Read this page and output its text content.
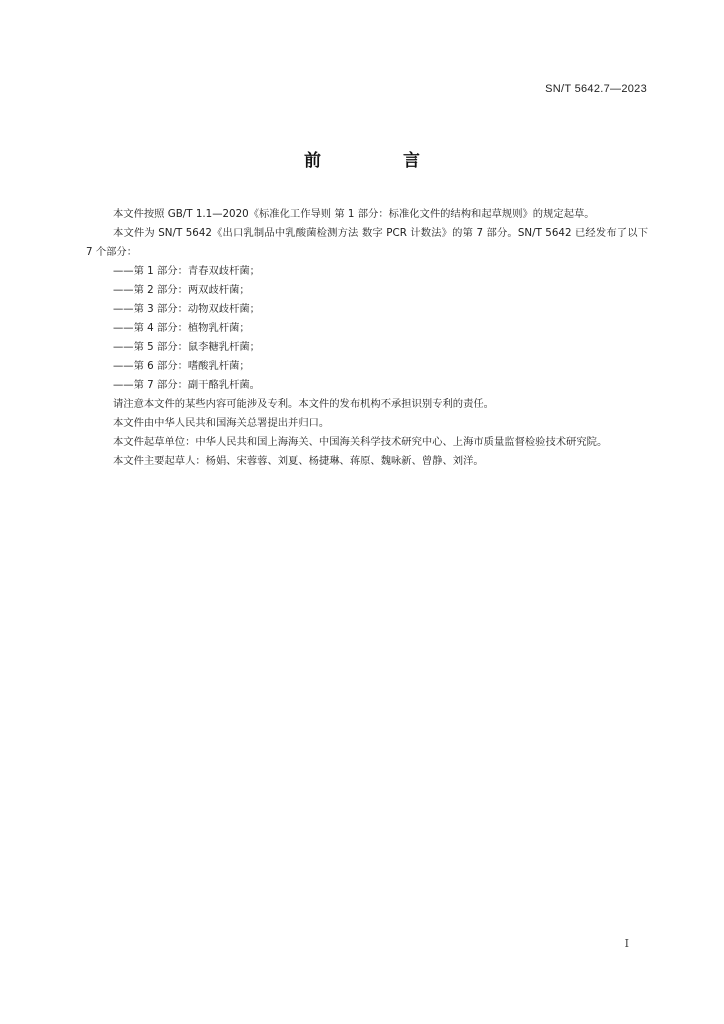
SN/T 5642.7—2023
前 言

本文件按照 GB/T 1.1—2020《标准化工作导则 第 1 部分：标准化文件的结构和起草规则》的规定起草。

本文件为 SN/T 5642《出口乳制品中乳酸菌检测方法 数字 PCR 计数法》的第 7 部分。SN/T 5642 已经发布了以下 7 个部分：

——第 1 部分：青春双歧杆菌；

——第 2 部分：两双歧杆菌；

——第 3 部分：动物双歧杆菌；

——第 4 部分：植物乳杆菌；

——第 5 部分：鼠李糖乳杆菌；

——第 6 部分：嗜酸乳杆菌；

——第 7 部分：副干酪乳杆菌。

请注意本文件的某些内容可能涉及专利。本文件的发布机构不承担识别专利的责任。

本文件由中华人民共和国海关总署提出并归口。

本文件起草单位：中华人民共和国上海海关、中国海关科学技术研究中心、上海市质量监督检验技术研究院。

本文件主要起草人：杨娟、宋蓉蓉、刘夏、杨捷琳、蒋原、魏咏新、曾静、刘洋。

I
